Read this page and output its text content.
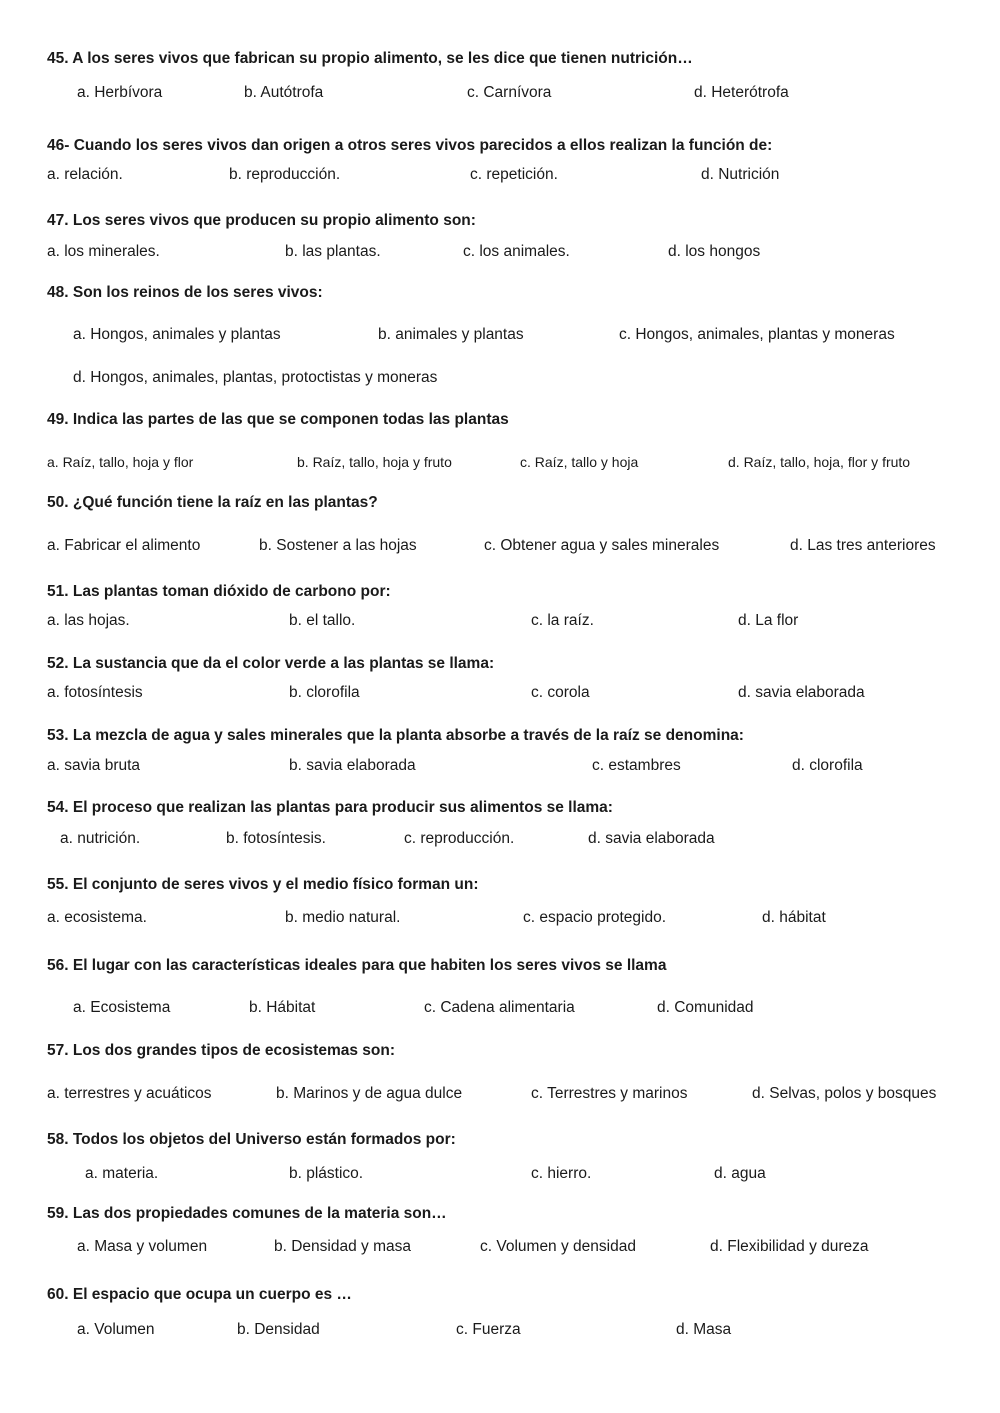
45. A los seres vivos que fabrican su propio alimento, se les dice que tienen nutrición…
a. Herbívora	b. Autótrofa	c. Carnívora	d. Heterótrofa
46- Cuando los seres vivos dan origen a otros seres vivos parecidos a ellos realizan la función de:
a. relación.	b. reproducción.	c. repetición.	d. Nutrición
47. Los seres vivos que producen su propio alimento son:
a. los minerales.	b. las plantas.	c. los animales.	d. los hongos
48. Son los reinos de los seres vivos:
a. Hongos, animales y plantas	b. animales y plantas	c. Hongos, animales, plantas y moneras
d. Hongos, animales, plantas, protoctistas y moneras
49. Indica las partes de las que se componen todas las plantas
a. Raíz, tallo, hoja y flor	b. Raíz, tallo, hoja y fruto	c. Raíz, tallo y hoja	d. Raíz, tallo, hoja, flor y fruto
50. ¿Qué función tiene la raíz en las plantas?
a. Fabricar el alimento	b. Sostener a las hojas	c. Obtener agua y sales minerales	d. Las tres anteriores
51. Las plantas toman dióxido de carbono por:
a. las hojas.	b. el tallo.	c. la raíz.	d. La flor
52. La sustancia que da el color verde a las plantas se llama:
a. fotosíntesis	b. clorofila	c. corola	d. savia elaborada
53. La mezcla de agua y sales minerales que la planta absorbe a través de la raíz se denomina:
a. savia bruta	b. savia elaborada	c. estambres	d. clorofila
54. El proceso que realizan las plantas para producir sus alimentos se llama:
a. nutrición.	b. fotosíntesis.	c. reproducción.	d. savia elaborada
55. El conjunto de seres vivos y el medio físico forman un:
a. ecosistema.	b. medio natural.	c. espacio protegido.	d. hábitat
56. El lugar con las características ideales para que habiten los seres vivos se llama
a. Ecosistema	b. Hábitat	c. Cadena alimentaria	d. Comunidad
57. Los dos grandes tipos de ecosistemas son:
a. terrestres y acuáticos	b. Marinos y de agua dulce	c. Terrestres y marinos	d. Selvas, polos y bosques
58. Todos los objetos del Universo están formados por:
a. materia.	b. plástico.	c. hierro.	d. agua
59. Las dos propiedades comunes de la materia son…
a. Masa y volumen	b. Densidad y masa	c. Volumen y densidad	d. Flexibilidad y dureza
60. El espacio que ocupa un cuerpo es …
a. Volumen	b. Densidad	c. Fuerza	d. Masa
